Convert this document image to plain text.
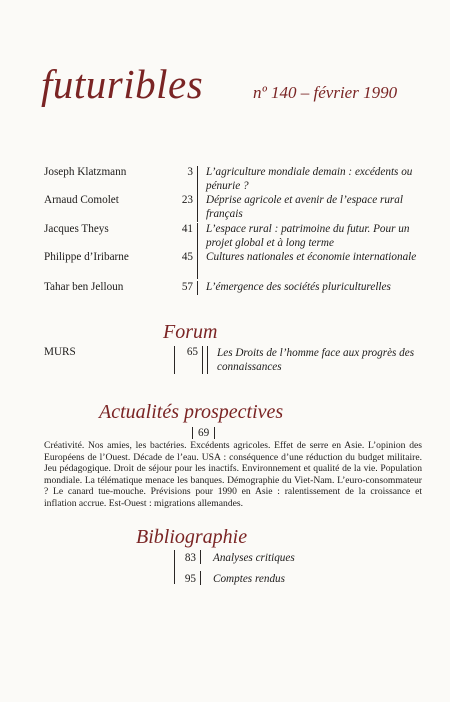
futuribles	nº 140 – février 1990
Joseph Klatzmann	3 L’agriculture mondiale demain : excédents ou pénurie ?
Arnaud Comolet	23 Déprise agricole et avenir de l’espace rural français
Jacques Theys	41 L’espace rural : patrimoine du futur. Pour un projet global et à long terme
Philippe d’Iribarne	45 Cultures nationales et économie internationale
Tahar ben Jelloun	57 L’émergence des sociétés pluriculturelles
Forum
MURS	65 Les Droits de l’homme face aux progrès des connaissances
Actualités prospectives
69
Créativité. Nos amies, les bactéries. Excédents agricoles. Effet de serre en Asie. L’opinion des Européens de l’Ouest. Décade de l’eau. USA : conséquence d’une réduction du budget militaire. Jeu pédagogique. Droit de séjour pour les inactifs. Environnement et qualité de la vie. Population mondiale. La télématique menace les banques. Démographie du Viet-Nam. L’euro-consommateur ? Le canard tue-mouche. Prévisions pour 1990 en Asie : ralentissement de la croissance et inflation accrue. Est-Ouest : migrations allemandes.
Bibliographie
83 Analyses critiques
95 Comptes rendus
